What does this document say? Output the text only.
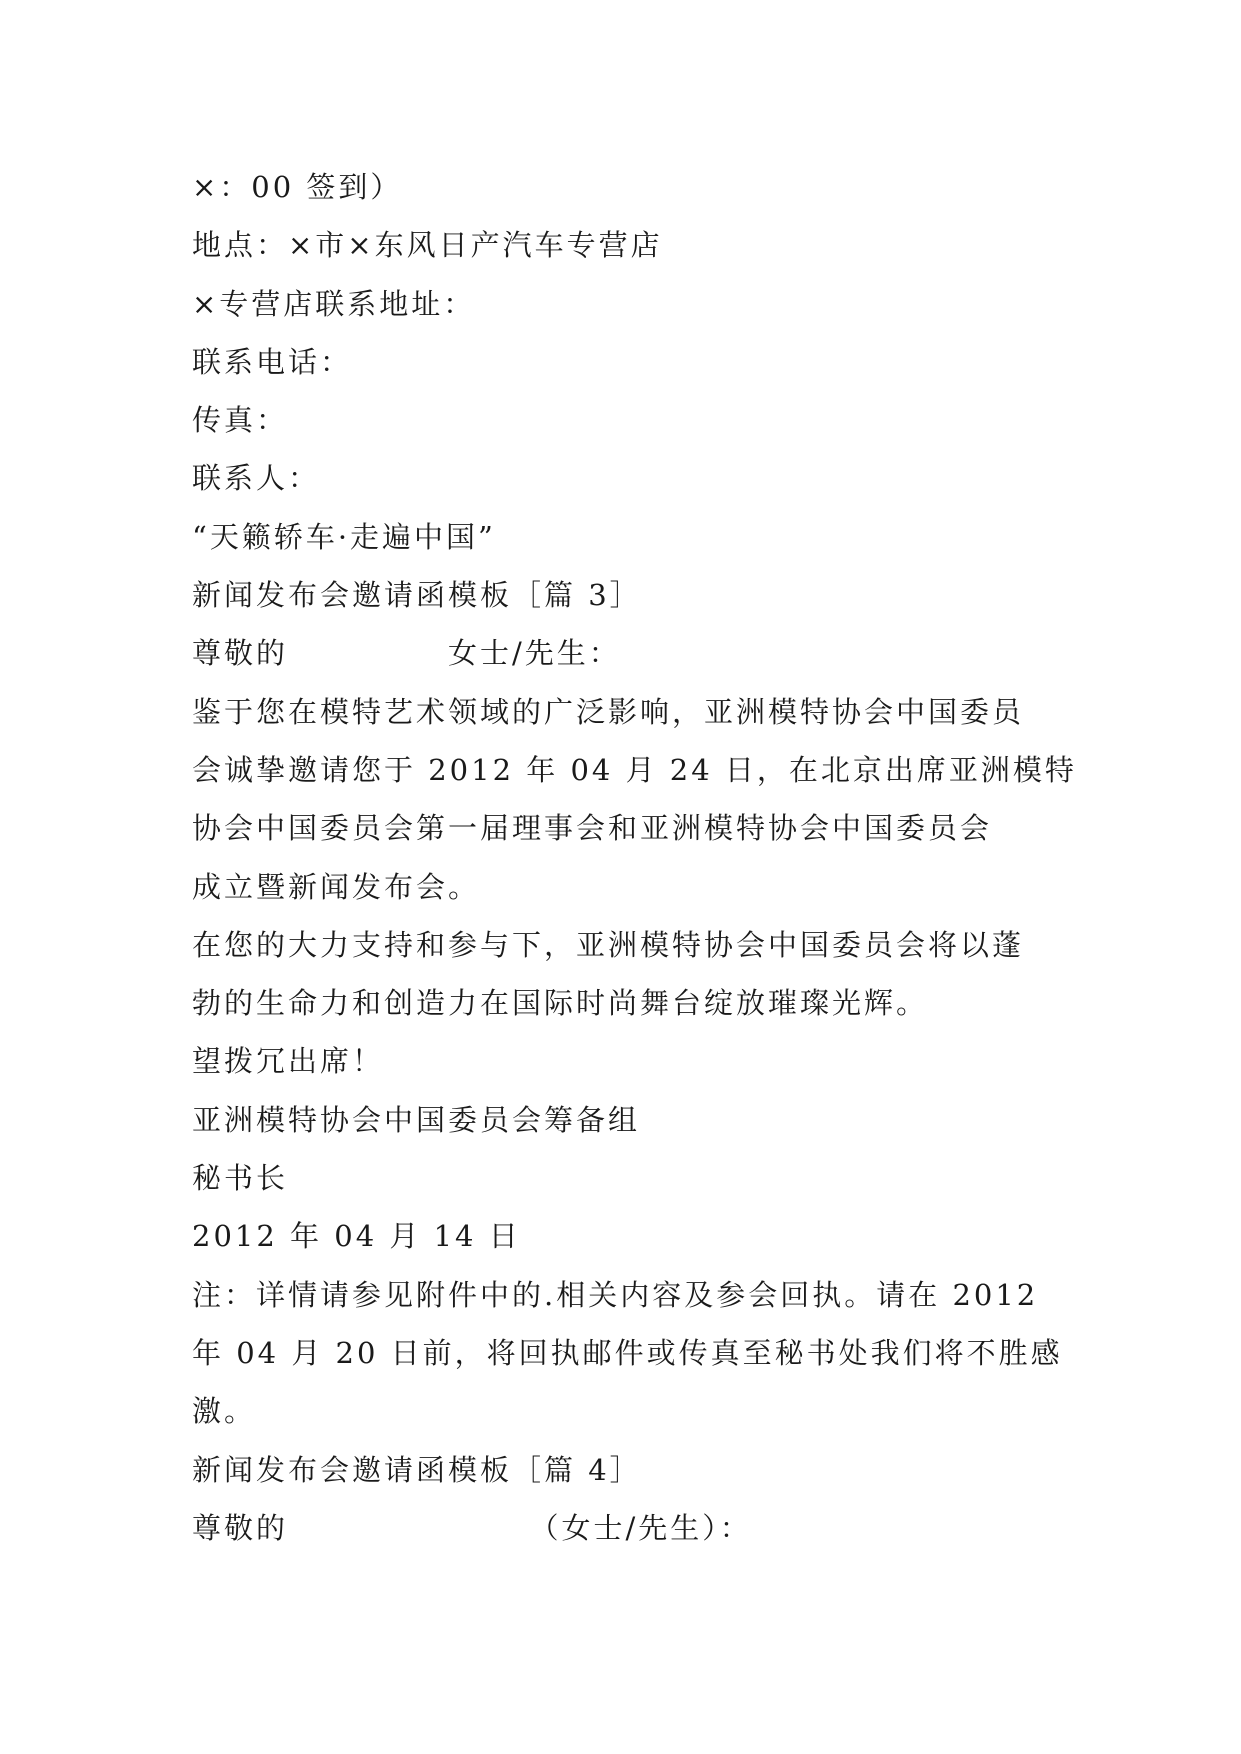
×：00 签到）
地点：×市×东风日产汽车专营店
×专营店联系地址：
联系电话：
传真：
联系人：
“天籁轿车·走遍中国”
新闻发布会邀请函模板［篇 3］
尊敬的　　　　　女士/先生：
鉴于您在模特艺术领域的广泛影响，亚洲模特协会中国委员
会诚挚邀请您于 2012 年 04 月 24 日，在北京出席亚洲模特
协会中国委员会第一届理事会和亚洲模特协会中国委员会
成立暨新闻发布会。
在您的大力支持和参与下，亚洲模特协会中国委员会将以蓬
勃的生命力和创造力在国际时尚舞台绽放璀璨光辉。
望拨冗出席！
亚洲模特协会中国委员会筹备组
秘书长
2012 年 04 月 14 日
注：详情请参见附件中的.相关内容及参会回执。请在 2012
年 04 月 20 日前，将回执邮件或传真至秘书处我们将不胜感
激。
新闻发布会邀请函模板［篇 4］
尊敬的　　　　　　　　（女士/先生）：
